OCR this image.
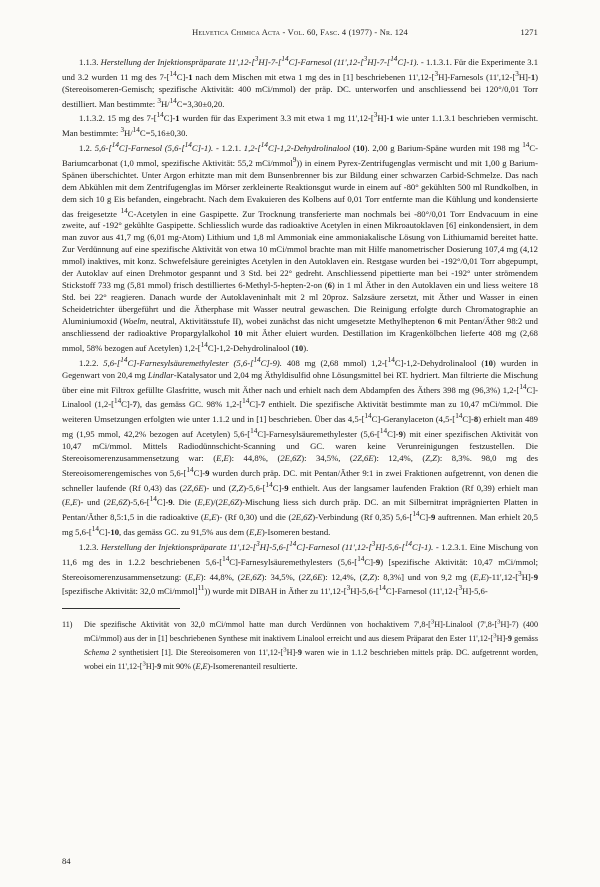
Helvetica Chimica Acta - Vol. 60, Fasc. 4 (1977) - Nr. 124	1271

1.1.3. Herstellung der Injektionspräparate 11',12-[$^3$H]-7-[$^{14}$C]-Farnesol (11',12-[$^3$H]-7-[$^{14}$C]-1). - 1.1.3.1. Für die Experimente 3.1 und 3.2 wurden 11 mg des 7-[$^{14}$C]-1 nach dem Mischen mit etwa 1 mg des in [1] beschriebenen 11',12-[$^3$H]-Farnesols (11',12-[$^3$H]-1) (Stereoisomeren-Gemisch; spezifische Aktivität: 400 mCi/mmol) der präp. DC. unterworfen und anschliessend bei 120°/0,01 Torr destilliert. Man bestimmte: $^3$H/$^{14}$C=3,30±0,20.

1.1.3.2. 15 mg des 7-[$^{14}$C]-1 wurden für das Experiment 3.3 mit etwa 1 mg 11',12-[$^3$H]-1 wie unter 1.1.3.1 beschrieben vermischt. Man bestimmte: $^3$H/$^{14}$C=5,16±0,30.

1.2. 5,6-[$^{14}$C]-Farnesol (5,6-[$^{14}$C]-1). - 1.2.1. 1,2-[$^{14}$C]-1,2-Dehydrolinalool (10). 2,00 g Barium-Späne wurden mit 198 mg $^{14}$C-Bariumcarbonat (1,0 mmol, spezifische Aktivität: 55,2 mCi/mmol$^9$)) in einem Pyrex-Zentrifugenglas vermischt und mit 1,00 g Barium-Spänen überschichtet. Unter Argon erhitzte man mit dem Bunsenbrenner bis zur Bildung einer schwarzen Carbid-Schmelze. Das nach dem Abkühlen mit dem Zentrifugenglas im Mörser zerkleinerte Reaktionsgut wurde in einem auf -80° gekühlten 500 ml Rundkolben, in dem sich 10 g Eis befanden, eingebracht. Nach dem Evakuieren des Kolbens auf 0,01 Torr entfernte man die Kühlung und kondensierte das freigesetzte $^{14}$C-Acetylen in eine Gaspipette. Zur Trocknung transferierte man nochmals bei -80°/0,01 Torr Endvacuum in eine zweite, auf -192° gekühlte Gaspipette. Schliesslich wurde das radioaktive Acetylen in einen Mikroautoklaven [6] einkondensiert, in dem man zuvor aus 41,7 mg (6,01 mg-Atom) Lithium und 1,8 ml Ammoniak eine ammoniakalische Lösung von Lithiumamid bereitet hatte. Zur Verdünnung auf eine spezifische Aktivität von etwa 10 mCi/mmol brachte man mit Hilfe manometrischer Dosierung 107,4 mg (4,12 mmol) inaktives, mit konz. Schwefelsäure gereinigtes Acetylen in den Autoklaven ein. Restgase wurden bei -192°/0,01 Torr abgepumpt, der Autoklav auf einen Drehmotor gespannt und 3 Std. bei 22° gedreht. Anschliessend pipettierte man bei -192° unter strömendem Stickstoff 733 mg (5,81 mmol) frisch destilliertes 6-Methyl-5-hepten-2-on (6) in 1 ml Äther in den Autoklaven ein und liess weitere 18 Std. bei 22° reagieren. Danach wurde der Autoklaveninhalt mit 2 ml 20proz. Salzsäure zersetzt, mit Äther und Wasser in einen Scheidetrichter übergeführt und die Ätherphase mit Wasser neutral gewaschen. Die Reinigung erfolgte durch Chromatographie an Aluminiumoxid (Woelm, neutral, Aktivitätsstufe II), wobei zunächst das nicht umgesetzte Methylheptenon 6 mit Pentan/Äther 98:2 und anschliessend der radioaktive Propargylalkohol 10 mit Äther eluiert wurden. Destillation im Kragenkölbchen lieferte 408 mg (2,68 mmol, 58% bezogen auf Acetylen) 1,2-[$^{14}$C]-1,2-Dehydrolinalool (10).

1.2.2. 5,6-[$^{14}$C]-Farnesylsäuremethylester (5,6-[$^{14}$C]-9). 408 mg (2,68 mmol) 1,2-[$^{14}$C]-1,2-Dehydrolinalool (10) wurden in Gegenwart von 20,4 mg Lindlar-Katalysator und 2,04 mg Äthyldisulfid ohne Lösungsmittel bei RT. hydriert. Man filtrierte die Mischung über eine mit Filtrox gefüllte Glasfritte, wusch mit Äther nach und erhielt nach dem Abdampfen des Äthers 398 mg (96,3%) 1,2-[$^{14}$C]-Linalool (1,2-[$^{14}$C]-7), das gemäss GC. 98% 1,2-[$^{14}$C]-7 enthielt. Die spezifische Aktivität bestimmte man zu 10,47 mCi/mmol. Die weiteren Umsetzungen erfolgten wie unter 1.1.2 und in [1] beschrieben. Über das 4,5-[$^{14}$C]-Geranylaceton (4,5-[$^{14}$C]-8) erhielt man 489 mg (1,95 mmol, 42,2% bezogen auf Acetylen) 5,6-[$^{14}$C]-Farnesylsäuremethylester (5,6-[$^{14}$C]-9) mit einer spezifischen Aktivität von 10,47 mCi/mmol. Mittels Radiodünnschicht-Scanning und GC. waren keine Verunreinigungen festzustellen. Die Stereoisomerenzusammensetzung war: (E,E): 44,8%, (2E,6Z): 34,5%, (2Z,6E): 12,4%, (Z,Z): 8,3%. 98,0 mg des Stereoisomerengemisches von 5,6-[$^{14}$C]-9 wurden durch präp. DC. mit Pentan/Äther 9:1 in zwei Fraktionen aufgetrennt, von denen die schneller laufende (Rf 0,43) das (2Z,6E)- und (Z,Z)-5,6-[$^{14}$C]-9 enthielt. Aus der langsamer laufenden Fraktion (Rf 0,39) erhielt man (E,E)- und (2E,6Z)-5,6-[$^{14}$C]-9. Die (E,E)/(2E,6Z)-Mischung liess sich durch präp. DC. an mit Silbernitrat imprägnierten Platten in Pentan/Äther 8,5:1,5 in die radioaktive (E,E)- (Rf 0,30) und die (2E,6Z)-Verbindung (Rf 0,35) 5,6-[$^{14}$C]-9 auftrennen. Man erhielt 20,5 mg 5,6-[$^{14}$C]-10, das gemäss GC. zu 91,5% aus dem (E,E)-Isomeren bestand.

1.2.3. Herstellung der Injektionspräparate 11',12-[$^3$H]-5,6-[$^{14}$C]-Farnesol (11',12-[$^3$H]-5,6-[$^{14}$C]-1). - 1.2.3.1. Eine Mischung von 11,6 mg des in 1.2.2 beschriebenen 5,6-[$^{14}$C]-Farnesylsäuremethylesters (5,6-[$^{14}$C]-9) [spezifische Aktivität: 10,47 mCi/mmol; Stereoisomerenzusammensetzung: (E,E): 44,8%, (2E,6Z): 34,5%, (2Z,6E): 12,4%, (Z,Z): 8,3%] und von 9,2 mg (E,E)-11',12-[$^3$H]-9 [spezifische Aktivität: 32,0 mCi/mmol]$^{11}$)) wurde mit DIBAH in Äther zu 11',12-[$^3$H]-5,6-[$^{14}$C]-Farnesol (11',12-[$^3$H]-5,6-

11) Die spezifische Aktivität von 32,0 mCi/mmol hatte man durch Verdünnen von hochaktivem 7',8-[$^3$H]-Linalool (7',8-[$^3$H]-7) (400 mCi/mmol) aus der in [1] beschriebenen Synthese mit inaktivem Linalool erreicht und aus diesem Präparat den Ester 11',12-[$^3$H]-9 gemäss Schema 2 synthetisiert [1]. Die Stereoisomeren von 11',12-[$^3$H]-9 waren wie in 1.1.2 beschrieben mittels präp. DC. aufgetrennt worden, wobei ein 11',12-[$^3$H]-9 mit 90% (E,E)-Isomerenanteil resultierte.
84
